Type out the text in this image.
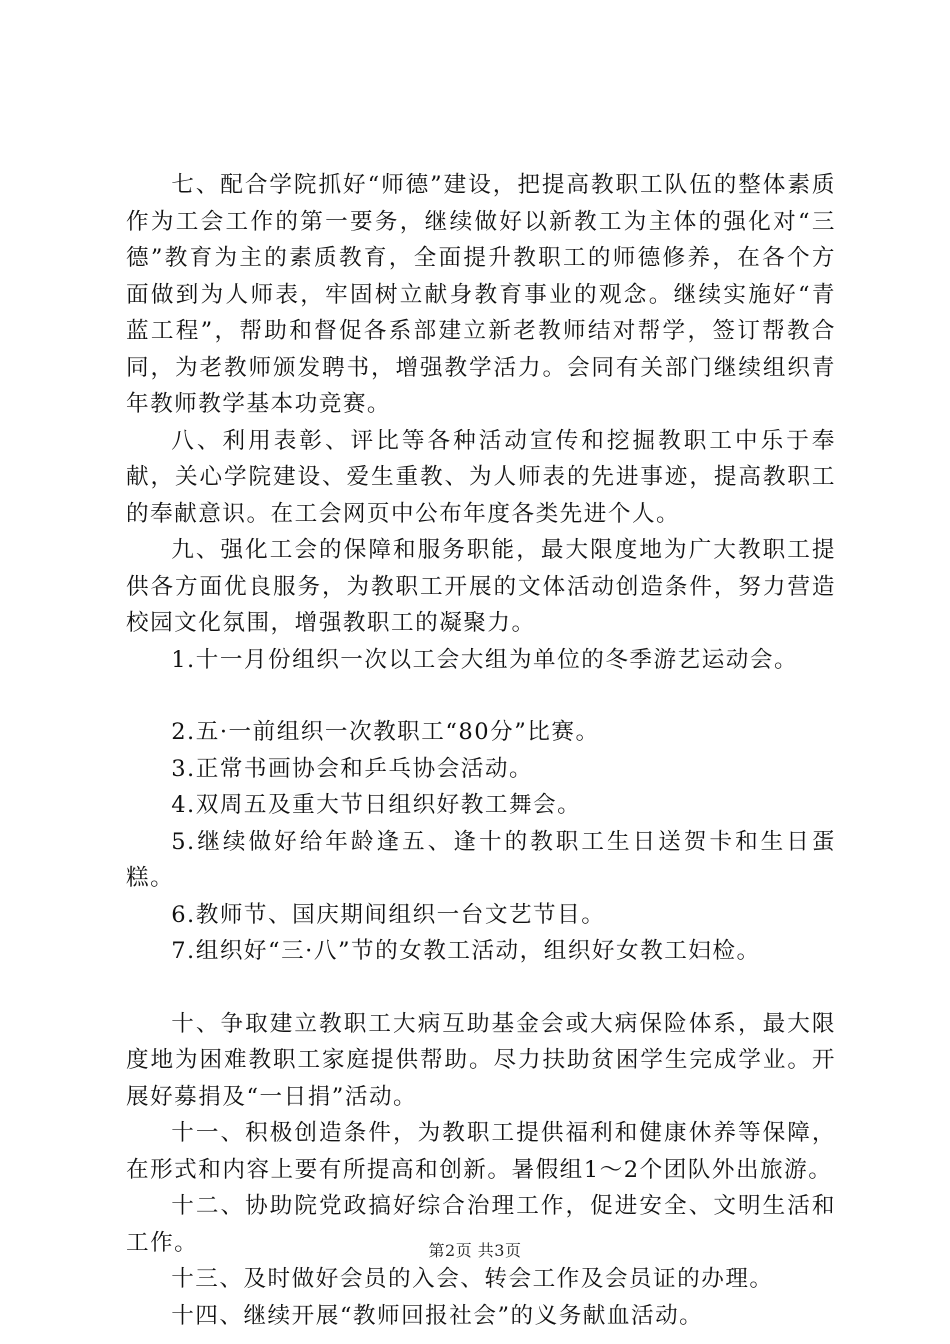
七、配合学院抓好“师德”建设，把提高教职工队伍的整体素质作为工会工作的第一要务，继续做好以新教工为主体的强化对“三德”教育为主的素质教育，全面提升教职工的师德修养，在各个方面做到为人师表，牢固树立献身教育事业的观念。继续实施好“青蓝工程”，帮助和督促各系部建立新老教师结对帮学，签订帮教合同，为老教师颁发聘书，增强教学活力。会同有关部门继续组织青年教师教学基本功竞赛。

八、利用表彰、评比等各种活动宣传和挖掘教职工中乐于奉献，关心学院建设、爱生重教、为人师表的先进事迹，提高教职工的奉献意识。在工会网页中公布年度各类先进个人。

九、强化工会的保障和服务职能，最大限度地为广大教职工提供各方面优良服务，为教职工开展的文体活动创造条件，努力营造校园文化氛围，增强教职工的凝聚力。

1.十一月份组织一次以工会大组为单位的冬季游艺运动会。

2.五·一前组织一次教职工“80分”比赛。

3.正常书画协会和乒乓协会活动。

4.双周五及重大节日组织好教工舞会。

5.继续做好给年龄逢五、逢十的教职工生日送贺卡和生日蛋糕。

6.教师节、国庆期间组织一台文艺节目。

7.组织好“三·八”节的女教工活动，组织好女教工妇检。

十、争取建立教职工大病互助基金会或大病保险体系，最大限度地为困难教职工家庭提供帮助。尽力扶助贫困学生完成学业。开展好募捐及“一日捐”活动。

十一、积极创造条件，为教职工提供福利和健康休养等保障，在形式和内容上要有所提高和创新。暑假组1～2个团队外出旅游。

十二、协助院党政搞好综合治理工作，促进安全、文明生活和工作。

十三、及时做好会员的入会、转会工作及会员证的办理。

十四、继续开展“教师回报社会”的义务献血活动。

第2页 共3页
